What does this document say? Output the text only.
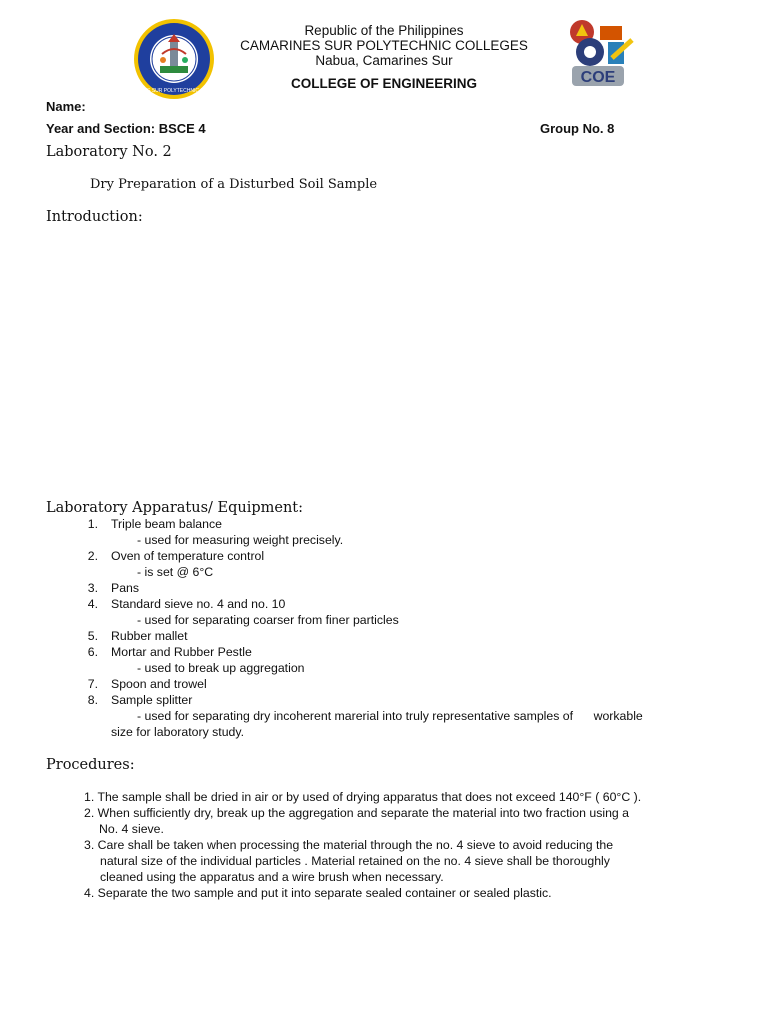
CAMARINES SUR POLYTECHNIC COLLEGES
COE
Republic of the Philippines
CAMARINES SUR POLYTECHNIC COLLEGES
Nabua, Camarines Sur
COLLEGE OF ENGINEERING
Name:
Year and Section: BSCE 4	Group No. 8
Laboratory No. 2
Dry Preparation of a Disturbed Soil Sample
Introduction:
Laboratory Apparatus/ Equipment:
1. Triple beam balance
- used for measuring weight precisely.
2. Oven of temperature control
- is set @ 6°C
3. Pans
4. Standard sieve no. 4 and no. 10
- used for separating coarser from finer particles
5. Rubber mallet
6. Mortar and Rubber Pestle
- used to break up aggregation
7. Spoon and trowel
8. Sample splitter
- used for separating dry incoherent marerial into truly representative samples of      workable
size for laboratory study.
Procedures:
1. The sample shall be dried in air or by used of drying apparatus that does not exceed 140°F ( 60°C ).
2. When sufficiently dry, break up the aggregation and separate the material into two fraction using a
No. 4 sieve.
3. Care shall be taken when processing the material through the no. 4 sieve to avoid reducing the
natural size of the individual particles . Material retained on the no. 4 sieve shall be thoroughly
cleaned using the apparatus and a wire brush when necessary.
4. Separate the two sample and put it into separate sealed container or sealed plastic.
